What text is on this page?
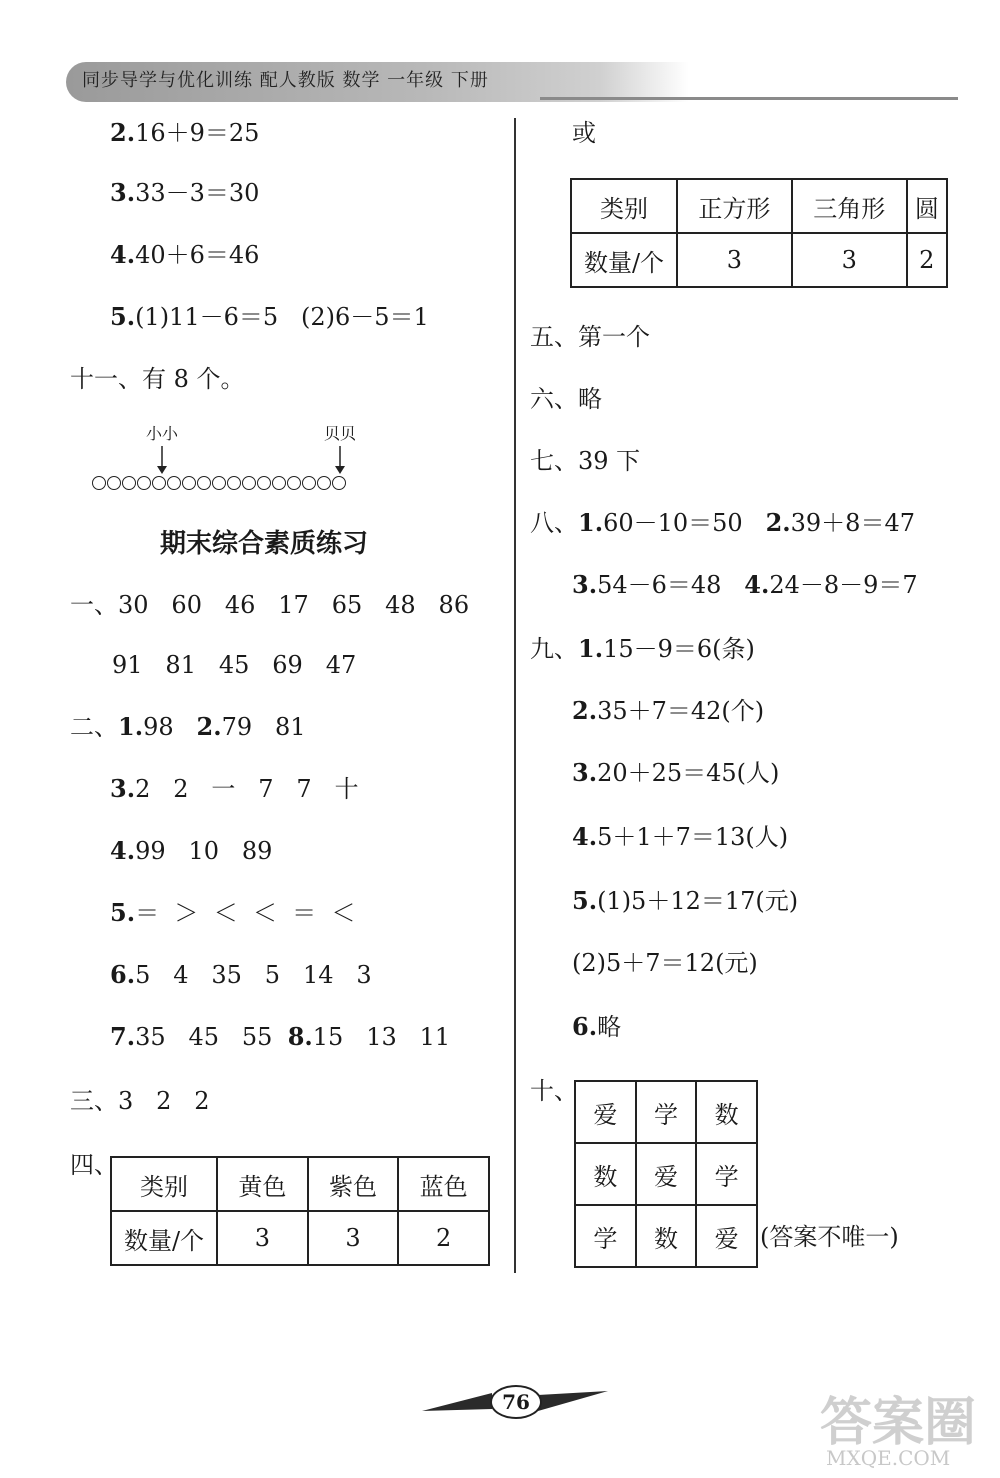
同步导学与优化训练 配人教版 数学 一年级 下册
2.16＋9＝25
3.33－3＝30
4.40＋6＝46
5.(1)11－6＝5   (2)6－5＝1
十一、有 8 个。
小小	贝贝
期末综合素质练习
一、30   60   46   17   65   48   86
91   81   45   69   47
二、1.98   2.79   81
3.2   2   一   7   7   十
4.99   10   89
5.＝  ＞  ＜  ＜  ＝  ＜
6.5   4   35   5   14   3
7.35   45   55  8.15   13   11
三、3   2   2
四、
类别	黄色	紫色	蓝色
数量/个	3	3	2
或
类别	正方形	三角形	圆
数量/个	3	3	2
五、第一个
六、略
七、39 下
八、1.60－10＝50   2.39＋8＝47
3.54－6＝48   4.24－8－9＝7
九、1.15－9＝6(条)
2.35＋7＝42(个)
3.20＋25＝45(人)
4.5＋1＋7＝13(人)
5.(1)5＋12＝17(元)
(2)5＋7＝12(元)
6.略
十、
爱	学	数
数	爱	学
学	数	爱 (答案不唯一)
76	答案圈
MXQE.COM
